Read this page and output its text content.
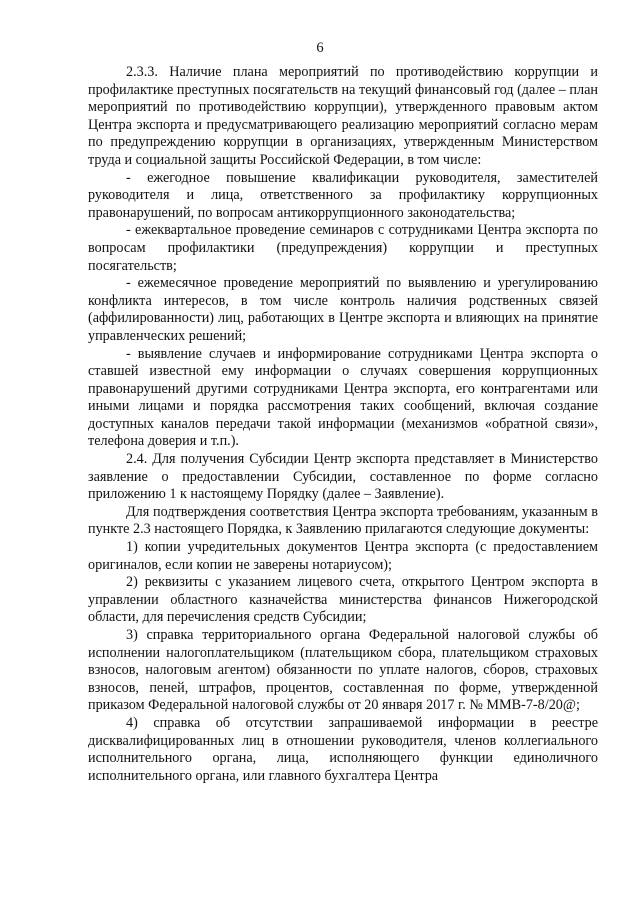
6

2.3.3. Наличие плана мероприятий по противодействию коррупции и профилактике преступных посягательств на текущий финансовый год (далее – план мероприятий по противодействию коррупции), утвержденного правовым актом Центра экспорта и предусматривающего реализацию мероприятий согласно мерам по предупреждению коррупции в организациях, утвержденным Министерством труда и социальной защиты Российской Федерации, в том числе:

- ежегодное повышение квалификации руководителя, заместителей руководителя и лица, ответственного за профилактику коррупционных правонарушений, по вопросам антикоррупционного законодательства;

- ежеквартальное проведение семинаров с сотрудниками Центра экспорта по вопросам профилактики (предупреждения) коррупции и преступных посягательств;

- ежемесячное проведение мероприятий по выявлению и урегулированию конфликта интересов, в том числе контроль наличия родственных связей (аффилированности) лиц, работающих в Центре экспорта и влияющих на принятие управленческих решений;

- выявление случаев и информирование сотрудниками Центра экспорта о ставшей известной ему информации о случаях совершения коррупционных правонарушений другими сотрудниками Центра экспорта, его контрагентами или иными лицами и порядка рассмотрения таких сообщений, включая создание доступных каналов передачи такой информации (механизмов «обратной связи», телефона доверия и т.п.).

2.4. Для получения Субсидии Центр экспорта представляет в Министерство заявление о предоставлении Субсидии, составленное по форме согласно приложению 1 к настоящему Порядку (далее – Заявление).

Для подтверждения соответствия Центра экспорта требованиям, указанным в пункте 2.3 настоящего Порядка, к Заявлению прилагаются следующие документы:

1) копии учредительных документов Центра экспорта (с предоставлением оригиналов, если копии не заверены нотариусом);

2) реквизиты с указанием лицевого счета, открытого Центром экспорта в управлении областного казначейства министерства финансов Нижегородской области, для перечисления средств Субсидии;

3) справка территориального органа Федеральной налоговой службы об исполнении налогоплательщиком (плательщиком сбора, плательщиком страховых взносов, налоговым агентом) обязанности по уплате налогов, сборов, страховых взносов, пеней, штрафов, процентов, составленная по форме, утвержденной приказом Федеральной налоговой службы от 20 января 2017 г. № ММВ-7-8/20@;

4) справка об отсутствии запрашиваемой информации в реестре дисквалифицированных лиц в отношении руководителя, членов коллегиального исполнительного органа, лица, исполняющего функции единоличного исполнительного органа, или главного бухгалтера Центра
